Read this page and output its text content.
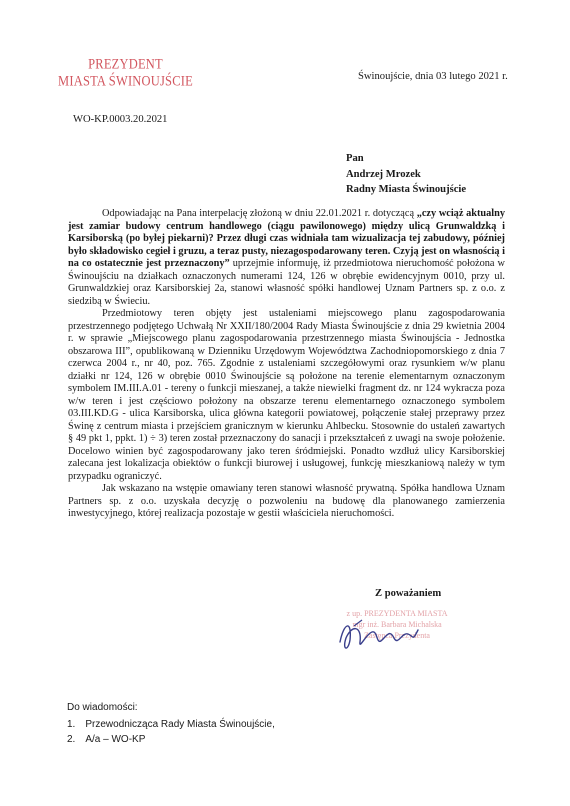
PREZYDENT
MIASTA ŚWINOUJŚCIE	Świnoujście, dnia 03 lutego 2021 r.
WO-KP.0003.20.2021
Pan
Andrzej Mrozek
Radny Miasta Świnoujście

Odpowiadając na Pana interpelację złożoną w dniu 22.01.2021 r. dotyczącą „czy wciąż aktualny jest zamiar budowy centrum handlowego (ciągu pawilonowego) między ulicą Grunwaldzką i Karsiborską (po byłej piekarni)? Przez długi czas widniała tam wizualizacja tej zabudowy, później było składowisko cegieł i gruzu, a teraz pusty, niezagospodarowany teren. Czyją jest on własnością i na co ostatecznie jest przeznaczony” uprzejmie informuję, iż przedmiotowa nieruchomość położona w Świnoujściu na działkach oznaczonych numerami 124, 126 w obrębie ewidencyjnym 0010, przy ul. Grunwaldzkiej oraz Karsiborskiej 2a, stanowi własność spółki handlowej Uznam Partners sp. z o.o. z siedzibą w Świeciu.

Przedmiotowy teren objęty jest ustaleniami miejscowego planu zagospodarowania przestrzennego podjętego Uchwałą Nr XXII/180/2004 Rady Miasta Świnoujście z dnia 29 kwietnia 2004 r. w sprawie „Miejscowego planu zagospodarowania przestrzennego miasta Świnoujścia - Jednostka obszarowa III”, opublikowaną w Dzienniku Urzędowym Województwa Zachodniopomorskiego z dnia 7 czerwca 2004 r., nr 40, poz. 765. Zgodnie z ustaleniami szczegółowymi oraz rysunkiem w/w planu działki nr 124, 126 w obrębie 0010 Świnoujście są położone na terenie elementarnym oznaczonym symbolem IM.III.A.01 - tereny o funkcji mieszanej, a także niewielki fragment dz. nr 124 wykracza poza w/w teren i jest częściowo położony na obszarze terenu elementarnego oznaczonego symbolem 03.III.KD.G - ulica Karsiborska, ulica główna kategorii powiatowej, połączenie stałej przeprawy przez Świnę z centrum miasta i przejściem granicznym w kierunku Ahlbecku. Stosownie do ustaleń zawartych § 49 pkt 1, ppkt. 1) ÷ 3) teren został przeznaczony do sanacji i przekształceń z uwagi na swoje położenie. Docelowo winien być zagospodarowany jako teren śródmiejski. Ponadto wzdłuż ulicy Karsiborskiej zalecana jest lokalizacja obiektów o funkcji biurowej i usługowej, funkcję mieszkaniową należy w tym przypadku ograniczyć.

Jak wskazano na wstępie omawiany teren stanowi własność prywatną. Spółka handlowa Uznam Partners sp. z o.o. uzyskała decyzję o pozwoleniu na budowę dla planowanego zamierzenia inwestycyjnego, której realizacja pozostaje w gestii właściciela nieruchomości.

Z poważaniem
z up. PREZYDENTA MIASTA
mgr inż. Barbara Michalska
Zastępca Prezydenta
Do wiadomości:
1. Przewodnicząca Rady Miasta Świnoujście,
2. A/a – WO-KP
